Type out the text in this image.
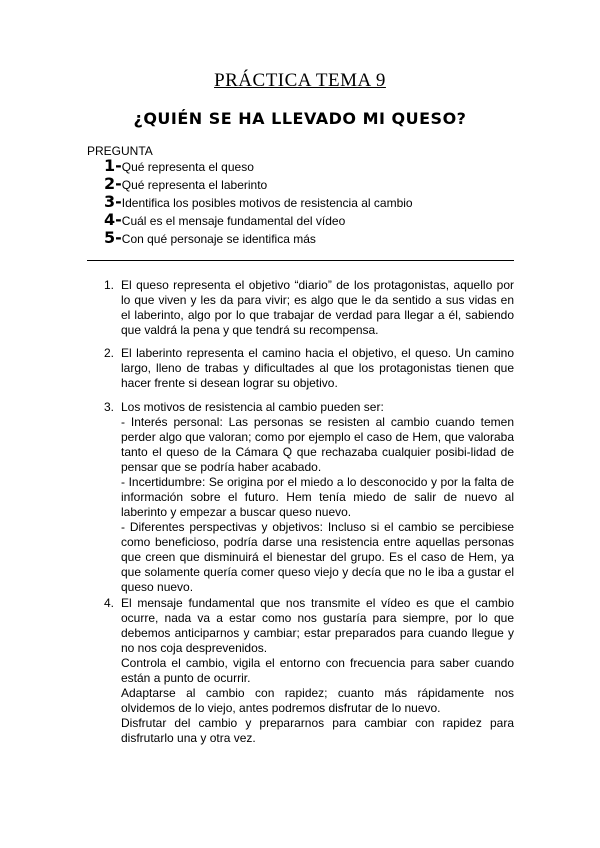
PRÁCTICA TEMA 9
¿QUIÉN SE HA LLEVADO MI QUESO?
PREGUNTA
1-Qué representa el queso
2-Qué representa el laberinto
3-Identifica los posibles motivos de resistencia al cambio
4-Cuál es el mensaje fundamental del vídeo
5-Con qué personaje se identifica más
1. El queso representa el objetivo “diario” de los protagonistas, aquello por lo que viven y les da para vivir; es algo que le da sentido a sus vidas en el laberinto, algo por lo que trabajar de verdad para llegar a él, sabiendo que valdrá la pena y que tendrá su recompensa.

2. El laberinto representa el camino hacia el objetivo, el queso. Un camino largo, lleno de trabas y dificultades al que los protagonistas tienen que hacer frente si desean lograr su objetivo.

3. Los motivos de resistencia al cambio pueden ser:

- Interés personal: Las personas se resisten al cambio cuando temen perder algo que valoran; como por ejemplo el caso de Hem, que valoraba tanto el queso de la Cámara Q que rechazaba cualquier posibi-lidad de pensar que se podría haber acabado.

- Incertidumbre: Se origina por el miedo a lo desconocido y por la falta de información sobre el futuro. Hem tenía miedo de salir de nuevo al laberinto y empezar a buscar queso nuevo.

- Diferentes perspectivas y objetivos: Incluso si el cambio se percibiese como beneficioso, podría darse una resistencia entre aquellas personas que creen que disminuirá el bienestar del grupo. Es el caso de Hem, ya que solamente quería comer queso viejo y decía que no le iba a gustar el queso nuevo.

4. El mensaje fundamental que nos transmite el vídeo es que el cambio ocurre, nada va a estar como nos gustaría para siempre, por lo que debemos anticiparnos y cambiar; estar preparados para cuando llegue y no nos coja desprevenidos.

Controla el cambio, vigila el entorno con frecuencia para saber cuando están a punto de ocurrir.

Adaptarse al cambio con rapidez; cuanto más rápidamente nos olvidemos de lo viejo, antes podremos disfrutar de lo nuevo.

Disfrutar del cambio y prepararnos para cambiar con rapidez para disfrutarlo una y otra vez.
